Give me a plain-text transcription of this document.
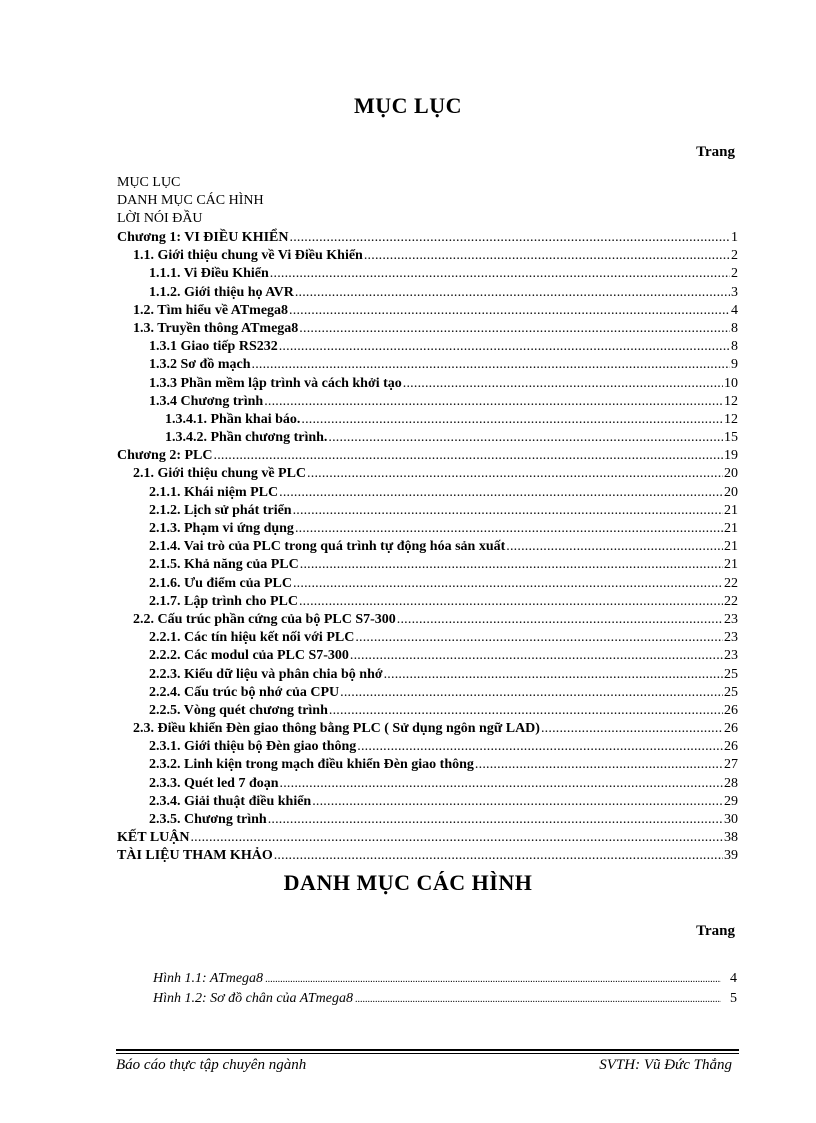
MỤC LỤC
Trang
MỤC LỤC
DANH MỤC CÁC HÌNH
LỜI NÓI ĐẦU
Chương 1: VI ĐIỀU KHIỂN .....	1
1.1. Giới thiệu chung về Vi Điều Khiển .....	2
1.1.1. Vi Điều Khiển .....	2
1.1.2. Giới thiệu họ AVR .....	3
1.2. Tìm hiểu về ATmega8 .....	4
1.3. Truyền thông ATmega8 .....	8
1.3.1 Giao tiếp RS232 .....	8
1.3.2 Sơ đồ mạch .....	9
1.3.3 Phần mềm lập trình và cách khởi tạo .....	10
1.3.4 Chương trình .....	12
1.3.4.1. Phần khai báo. .....	12
1.3.4.2. Phần chương trình. .....	15
Chương 2: PLC .....	19
2.1. Giới thiệu chung về PLC .....	20
2.1.1. Khái niệm PLC .....	20
2.1.2. Lịch sử phát triển .....	21
2.1.3. Phạm vi ứng dụng .....	21
2.1.4. Vai trò của PLC trong quá trình tự động hóa sản xuất .....	21
2.1.5. Khả năng của PLC .....	21
2.1.6. Ưu điểm của PLC .....	22
2.1.7. Lập trình cho PLC .....	22
2.2. Cấu trúc phần cứng của bộ PLC S7-300 .....	23
2.2.1. Các tín hiệu kết nối với PLC .....	23
2.2.2. Các modul của PLC S7-300 .....	23
2.2.3. Kiểu dữ liệu và phân chia bộ nhớ .....	25
2.2.4. Cấu trúc bộ nhớ của CPU .....	25
2.2.5. Vòng quét chương trình .....	26
2.3. Điều khiển Đèn giao thông bằng PLC ( Sử dụng ngôn ngữ LAD) .....	26
2.3.1. Giới thiệu bộ Đèn giao thông .....	26
2.3.2. Linh kiện trong mạch điều khiển Đèn giao thông .....	27
2.3.3. Quét led 7 đoạn .....	28
2.3.4. Giải thuật điều khiển .....	29
2.3.5. Chương trình .....	30
KẾT LUẬN .....	38
TÀI LIỆU THAM KHẢO .....	39
DANH MỤC CÁC HÌNH
Trang
Hình 1.1: ATmega8 .....	4
Hình 1.2: Sơ đồ chân của ATmega8 .....	5
Báo cáo thực tập chuyên ngành	SVTH: Vũ Đức Thắng
